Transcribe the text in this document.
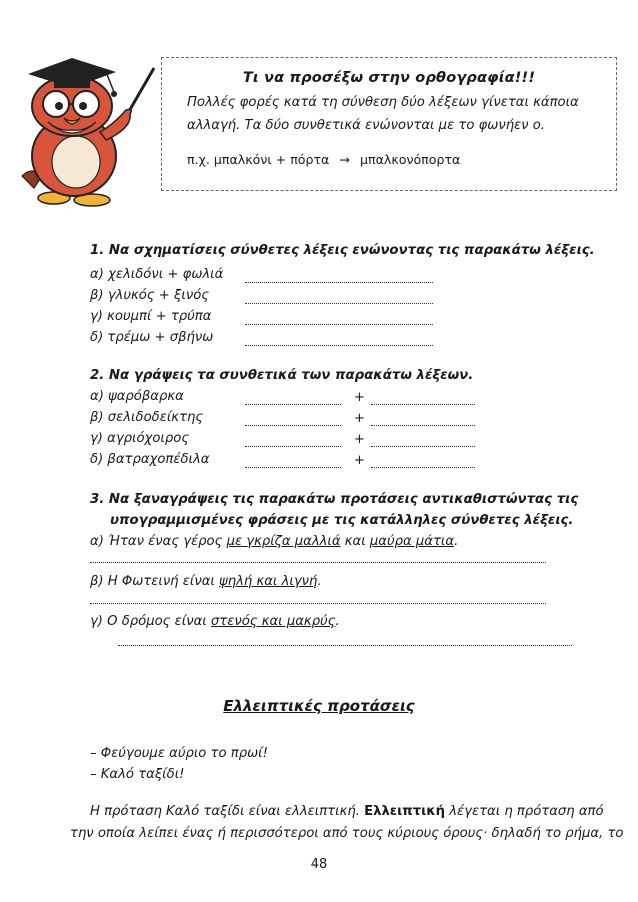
Τι να προσέξω στην ορθογραφία!!!
Πολλές φορές κατά τη σύνθεση δύο λέξεων γίνεται κάποια
αλλαγή. Τα δύο συνθετικά ενώνονται με το φωνήεν ο.
π.χ. μπαλκόνι + πόρτα → μπαλκονόπορτα
1. Να σχηματίσεις σύνθετες λέξεις ενώνοντας τις παρακάτω λέξεις.
α) χελιδόνι + φωλιά
β) γλυκός + ξινός
γ) κουμπί + τρύπα
δ) τρέμω + σβήνω
2. Να γράψεις τα συνθετικά των παρακάτω λέξεων.
α) ψαρόβαρκα	+
β) σελιδοδείκτης	+
γ) αγριόχοιρος	+
δ) βατραχοπέδιλα	+
3. Να ξαναγράψεις τις παρακάτω προτάσεις αντικαθιστώντας τις
υπογραμμισμένες φράσεις με τις κατάλληλες σύνθετες λέξεις.
α) Ήταν ένας γέρος με γκρίζα μαλλιά και μαύρα μάτια.
β) Η Φωτεινή είναι ψηλή και λιγνή.
γ) Ο δρόμος είναι στενός και μακρύς.
Ελλειπτικές προτάσεις
– Φεύγουμε αύριο το πρωί!
– Καλό ταξίδι!
Η πρόταση Καλό ταξίδι είναι ελλειπτική. Ελλειπτική λέγεται η πρόταση από
την οποία λείπει ένας ή περισσότεροι από τους κύριους όρους· δηλαδή το ρήμα, το
48
